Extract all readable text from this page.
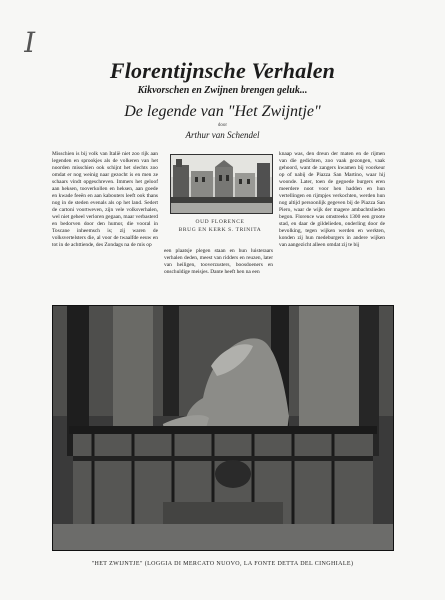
I
Florentijnsche Verhalen
Kikvorschen en Zwijnen brengen geluk...
De legende van "Het Zwijntje"
door
Arthur van Schendel
Misschien is bij volk van Italië niet zoo rijk aan legenden en sprookjes als de volkeren van het noorden misschien ook schijnt het slechts zoo omdat er nog weinig naar gezocht is en men ze schaars vindt opgeschreven. Immers het geloof aan heksen, tooverkollen en heksen, aan goede en kwade feeën en aan kabouters leeft ook thans nog in de steden evenals als op het land. Sedert de cartoni voortweven, zijn vele volksverhalen, wel niet geheel verloren gegaan, maar verbasterd en bedorven door den humor, die vooral in Toscane inheemsch is; zij waren de volksvertelsters die, al voor de twaalfde eeuw en tot in de achttiende, des Zondags na de mis op
OUD FLORENCE
BRUG EN KERK S. TRINITA
een plaatsje plegen staan en hun luisteraars verhalen deden, meest van ridders en reuzen, later van heiligen, tooverzusters, boosdoeners en onschuldige meisjes. Dante heeft hen na een
knaap was, den dreun der maten en de rijmen van die gedichten, zoo vaak gezongen, vaak gehoord, want de zangers kwamen bij voorkeur op of nabij de Piazza San Martino, waar hij woonde. Later, toen de gegoede burgers eren meerdere noot voor hen hadden en hun vertellingen en rijmpjes verkochten, werden hun nog altijd persoonlijk gegeven bij de Piazza San Piero, waar de wijk der magere ambachtslieden begon. Florence was omstreeks 1300 een groote stad, en daar de gildelieden, onderling door de bevolking, tegen wijken werden en werkten, konden zij hun medeburgers in andere wijken van aangezicht alleen omdat zij te bij
"HET ZWIJNTJE" (LOGGIA DI MERCATO NUOVO, LA FONTE DETTA DEL CINGHIALE)
